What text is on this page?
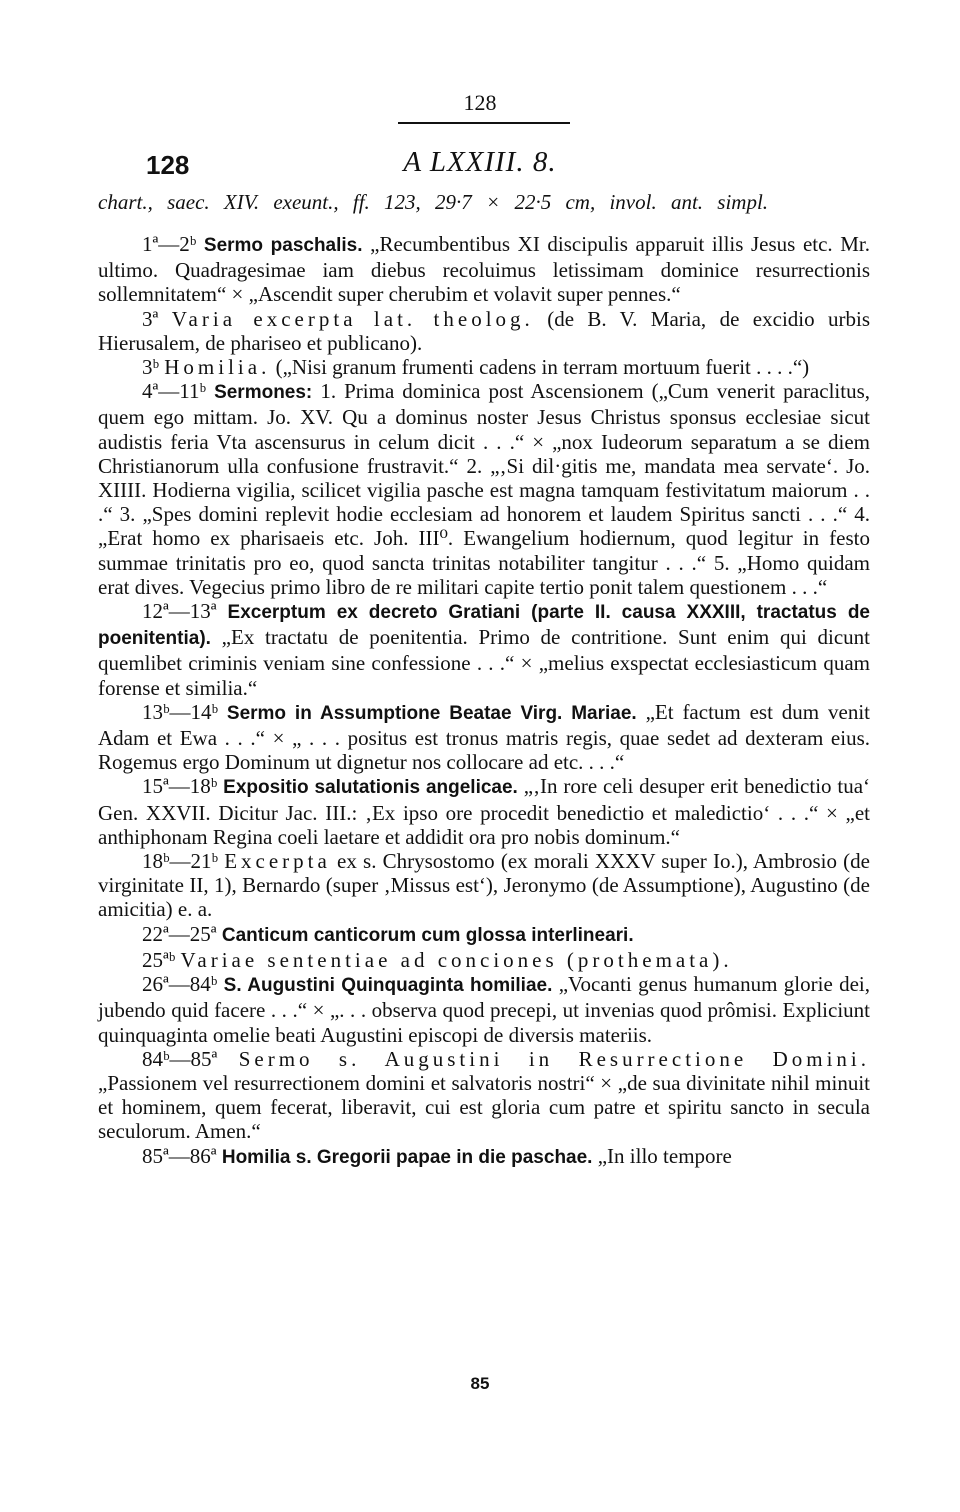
128
128	A LXXIII. 8.
chart., saec. XIV. exeunt., ff. 123, 29·7 × 22·5 cm, invol. ant. simpl.

1ª—2ᵇ Sermo paschalis. „Recumbentibus XI discipulis apparuit illis Jesus etc. Mr. ultimo. Quadragesimae iam diebus recoluimus letissimam dominice resurrectionis sollemnitatem“ × „Ascendit super cherubim et volavit super pennes.“

3ª Varia excerpta lat. theolog. (de B. V. Maria, de excidio urbis Hierusalem, de phariseo et publicano).

3ᵇ Homilia. („Nisi granum frumenti cadens in terram mortuum fuerit . . . .“)

4ª—11ᵇ Sermones: 1. Prima dominica post Ascensionem („Cum venerit paraclitus, quem ego mittam. Jo. XV. Qu a dominus noster Jesus Christus sponsus ecclesiae sicut audistis feria Vta ascensurus in celum dicit . . .“ × „nox Iudeorum separatum a se diem Christianorum ulla confusione frustravit.“ 2. „‚Si dil·gitis me, mandata mea servate‘. Jo. XIIII. Hodierna vigilia, scilicet vigilia pasche est magna tamquam festivitatum maiorum . . .“ 3. „Spes domini replevit hodie ecclesiam ad honorem et laudem Spiritus sancti . . .“ 4. „Erat homo ex pharisaeis etc. Joh. III⁰. Ewangelium hodiernum, quod legitur in festo summae trinitatis pro eo, quod sancta trinitas notabiliter tangitur . . .“ 5. „Homo quidam erat dives. Vegecius primo libro de re militari capite tertio ponit talem questionem . . .“

12ª—13ª Excerptum ex decreto Gratiani (parte II. causa XXXIII, tractatus de poenitentia). „Ex tractatu de poenitentia. Primo de contritione. Sunt enim qui dicunt quemlibet criminis veniam sine confessione . . .“ × „melius exspectat ecclesiasticum quam forense et similia.“

13ᵇ—14ᵇ Sermo in Assumptione Beatae Virg. Mariae. „Et factum est dum venit Adam et Ewa . . .“ × „ . . . positus est tronus matris regis, quae sedet ad dexteram eius. Rogemus ergo Dominum ut dignetur nos collocare ad etc. . . .“

15ª—18ᵇ Expositio salutationis angelicae. „‚In rore celi desuper erit benedictio tua‘ Gen. XXVII. Dicitur Jac. III.: ‚Ex ipso ore procedit benedictio et maledictio‘ . . .“ × „et anthiphonam Regina coeli laetare et addidit ora pro nobis dominum.“

18ᵇ—21ᵇ Excerpta ex s. Chrysostomo (ex morali XXXV super Io.), Ambrosio (de virginitate II, 1), Bernardo (super ‚Missus est‘), Jeronymo (de Assumptione), Augustino (de amicitia) e. a.

22ª—25ª Canticum canticorum cum glossa interlineari.

25ªᵇ Variae sententiae ad conciones (prothemata).

26ª—84ᵇ S. Augustini Quinquaginta homiliae. „Vocanti genus humanum glorie dei, jubendo quid facere . . .“ × „. . . observa quod precepi, ut invenias quod prômisi. Expliciunt quinquaginta omelie beati Augustini episcopi de diversis materiis.

84ᵇ—85ª Sermo s. Augustini in Resurrectione Domini. „Passionem vel resurrectionem domini et salvatoris nostri“ × „de sua divinitate nihil minuit et hominem, quem fecerat, liberavit, cui est gloria cum patre et spiritu sancto in secula seculorum. Amen.“

85ª—86ª Homilia s. Gregorii papae in die paschae. „In illo tempore

85
